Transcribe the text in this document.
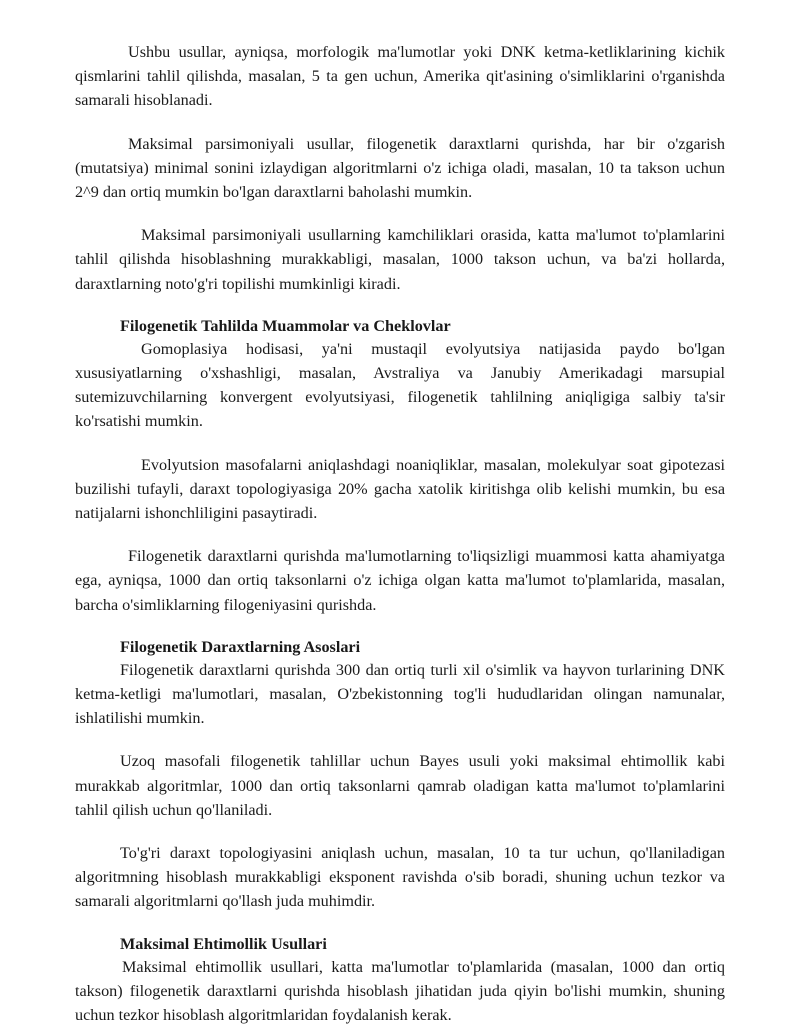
Ushbu usullar, ayniqsa, morfologik ma'lumotlar yoki DNK ketma-ketliklarining kichik qismlarini tahlil qilishda, masalan, 5 ta gen uchun, Amerika qit'asining o'simliklarini o'rganishda samarali hisoblanadi.

Maksimal parsimoniyali usullar, filogenetik daraxtlarni qurishda, har bir o'zgarish (mutatsiya) minimal sonini izlaydigan algoritmlarni o'z ichiga oladi, masalan, 10 ta takson uchun 2^9 dan ortiq mumkin bo'lgan daraxtlarni baholashi mumkin.

Maksimal parsimoniyali usullarning kamchiliklari orasida, katta ma'lumot to'plamlarini tahlil qilishda hisoblashning murakkabligi, masalan, 1000 takson uchun, va ba'zi hollarda, daraxtlarning noto'g'ri topilishi mumkinligi kiradi.

Filogenetik Tahlilda Muammolar va Cheklovlar

Gomoplasiya hodisasi, ya'ni mustaqil evolyutsiya natijasida paydo bo'lgan xususiyatlarning o'xshashligi, masalan, Avstraliya va Janubiy Amerikadagi marsupial sutemizuvchilarning konvergent evolyutsiyasi, filogenetik tahlilning aniqligiga salbiy ta'sir ko'rsatishi mumkin.

Evolyutsion masofalarni aniqlashdagi noaniqliklar, masalan, molekulyar soat gipotezasi buzilishi tufayli, daraxt topologiyasiga 20% gacha xatolik kiritishga olib kelishi mumkin, bu esa natijalarni ishonchliligini pasaytiradi.

Filogenetik daraxtlarni qurishda ma'lumotlarning to'liqsizligi muammosi katta ahamiyatga ega, ayniqsa, 1000 dan ortiq taksonlarni o'z ichiga olgan katta ma'lumot to'plamlarida, masalan, barcha o'simliklarning filogeniyasini qurishda.

Filogenetik Daraxtlarning Asoslari

Filogenetik daraxtlarni qurishda 300 dan ortiq turli xil o'simlik va hayvon turlarining DNK ketma-ketligi ma'lumotlari, masalan, O'zbekistonning tog'li hududlaridan olingan namunalar, ishlatilishi mumkin.

Uzoq masofali filogenetik tahlillar uchun Bayes usuli yoki maksimal ehtimollik kabi murakkab algoritmlar, 1000 dan ortiq taksonlarni qamrab oladigan katta ma'lumot to'plamlarini tahlil qilish uchun qo'llaniladi.

To'g'ri daraxt topologiyasini aniqlash uchun, masalan, 10 ta tur uchun, qo'llaniladigan algoritmning hisoblash murakkabligi eksponent ravishda o'sib boradi, shuning uchun tezkor va samarali algoritmlarni qo'llash juda muhimdir.

Maksimal Ehtimollik Usullari

Maksimal ehtimollik usullari, katta ma'lumotlar to'plamlarida (masalan, 1000 dan ortiq takson) filogenetik daraxtlarni qurishda hisoblash jihatidan juda qiyin bo'lishi mumkin, shuning uchun tezkor hisoblash algoritmlaridan foydalanish kerak.
